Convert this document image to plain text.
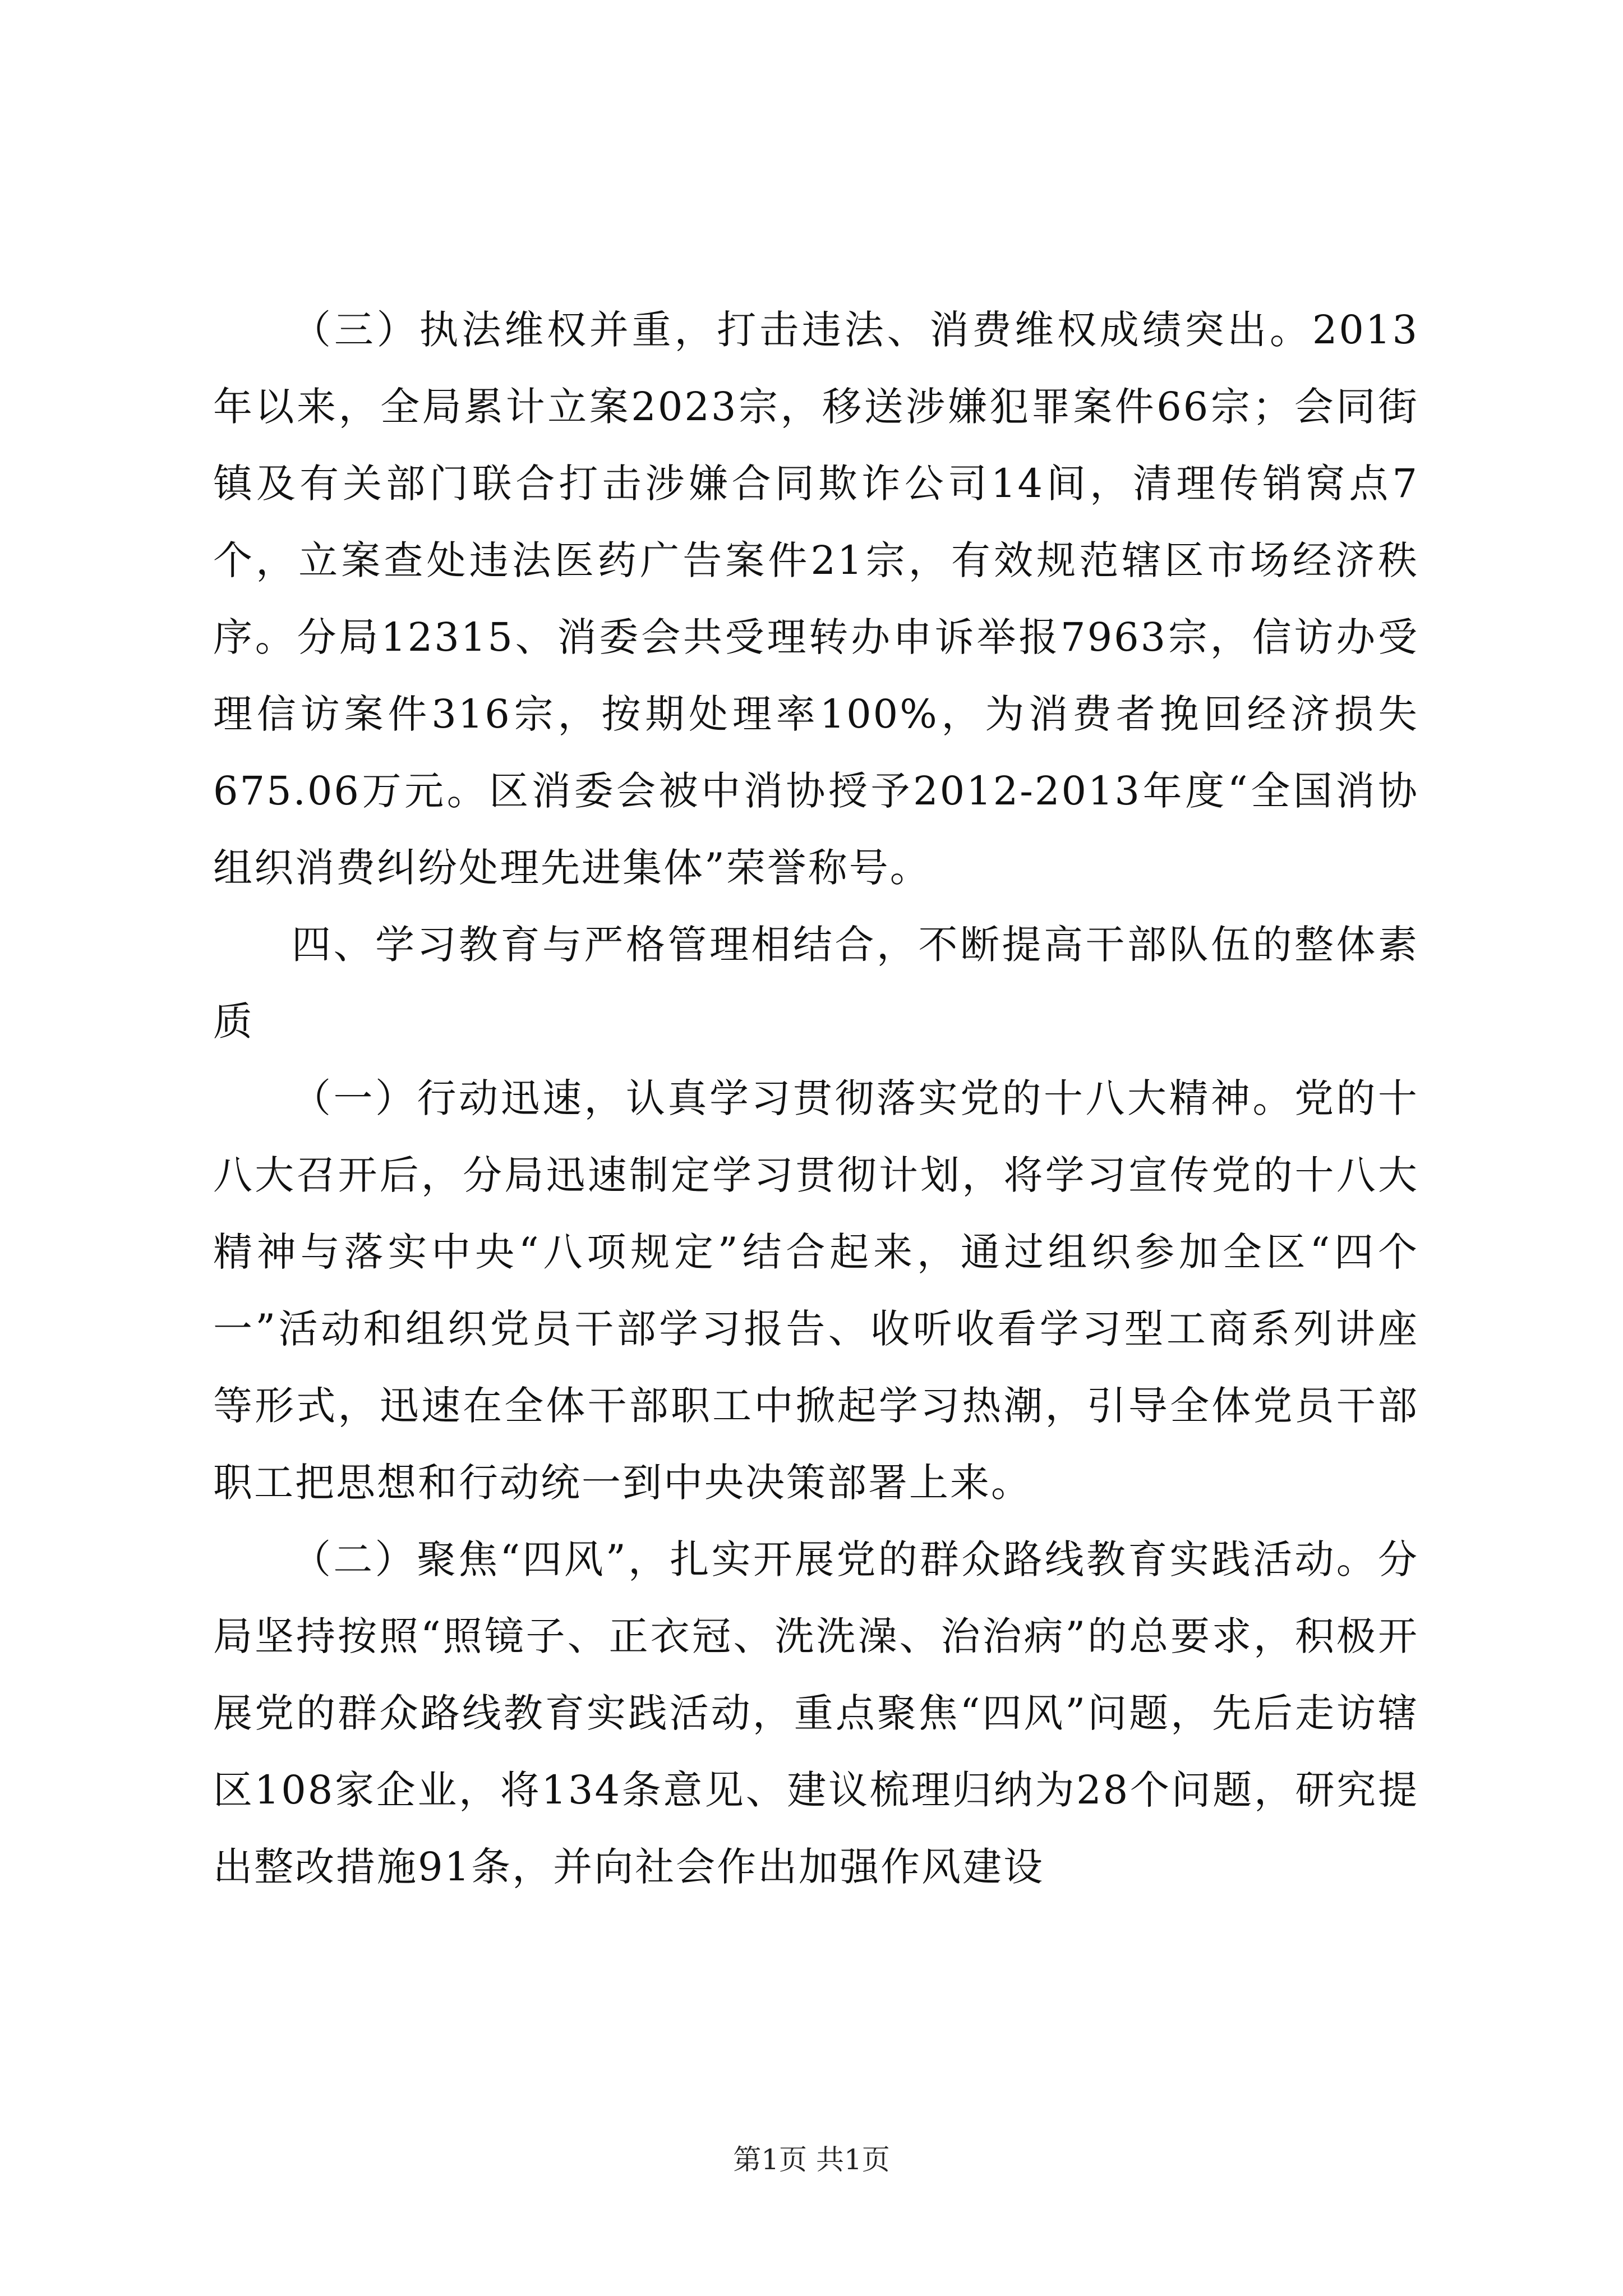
（三）执法维权并重，打击违法、消费维权成绩突出。2013年以来，全局累计立案2023宗，移送涉嫌犯罪案件66宗；会同街镇及有关部门联合打击涉嫌合同欺诈公司14间，清理传销窝点7个，立案查处违法医药广告案件21宗，有效规范辖区市场经济秩序。分局12315、消委会共受理转办申诉举报7963宗，信访办受理信访案件316宗，按期处理率100%，为消费者挽回经济损失675.06万元。区消委会被中消协授予2012-2013年度“全国消协组织消费纠纷处理先进集体”荣誉称号。

四、学习教育与严格管理相结合，不断提高干部队伍的整体素质

（一）行动迅速，认真学习贯彻落实党的十八大精神。党的十八大召开后，分局迅速制定学习贯彻计划，将学习宣传党的十八大精神与落实中央“八项规定”结合起来，通过组织参加全区“四个一”活动和组织党员干部学习报告、收听收看学习型工商系列讲座等形式，迅速在全体干部职工中掀起学习热潮，引导全体党员干部职工把思想和行动统一到中央决策部署上来。

（二）聚焦“四风”，扎实开展党的群众路线教育实践活动。分局坚持按照“照镜子、正衣冠、洗洗澡、治治病”的总要求，积极开展党的群众路线教育实践活动，重点聚焦“四风”问题，先后走访辖区108家企业，将134条意见、建议梳理归纳为28个问题，研究提出整改措施91条，并向社会作出加强作风建设

第1页 共1页
